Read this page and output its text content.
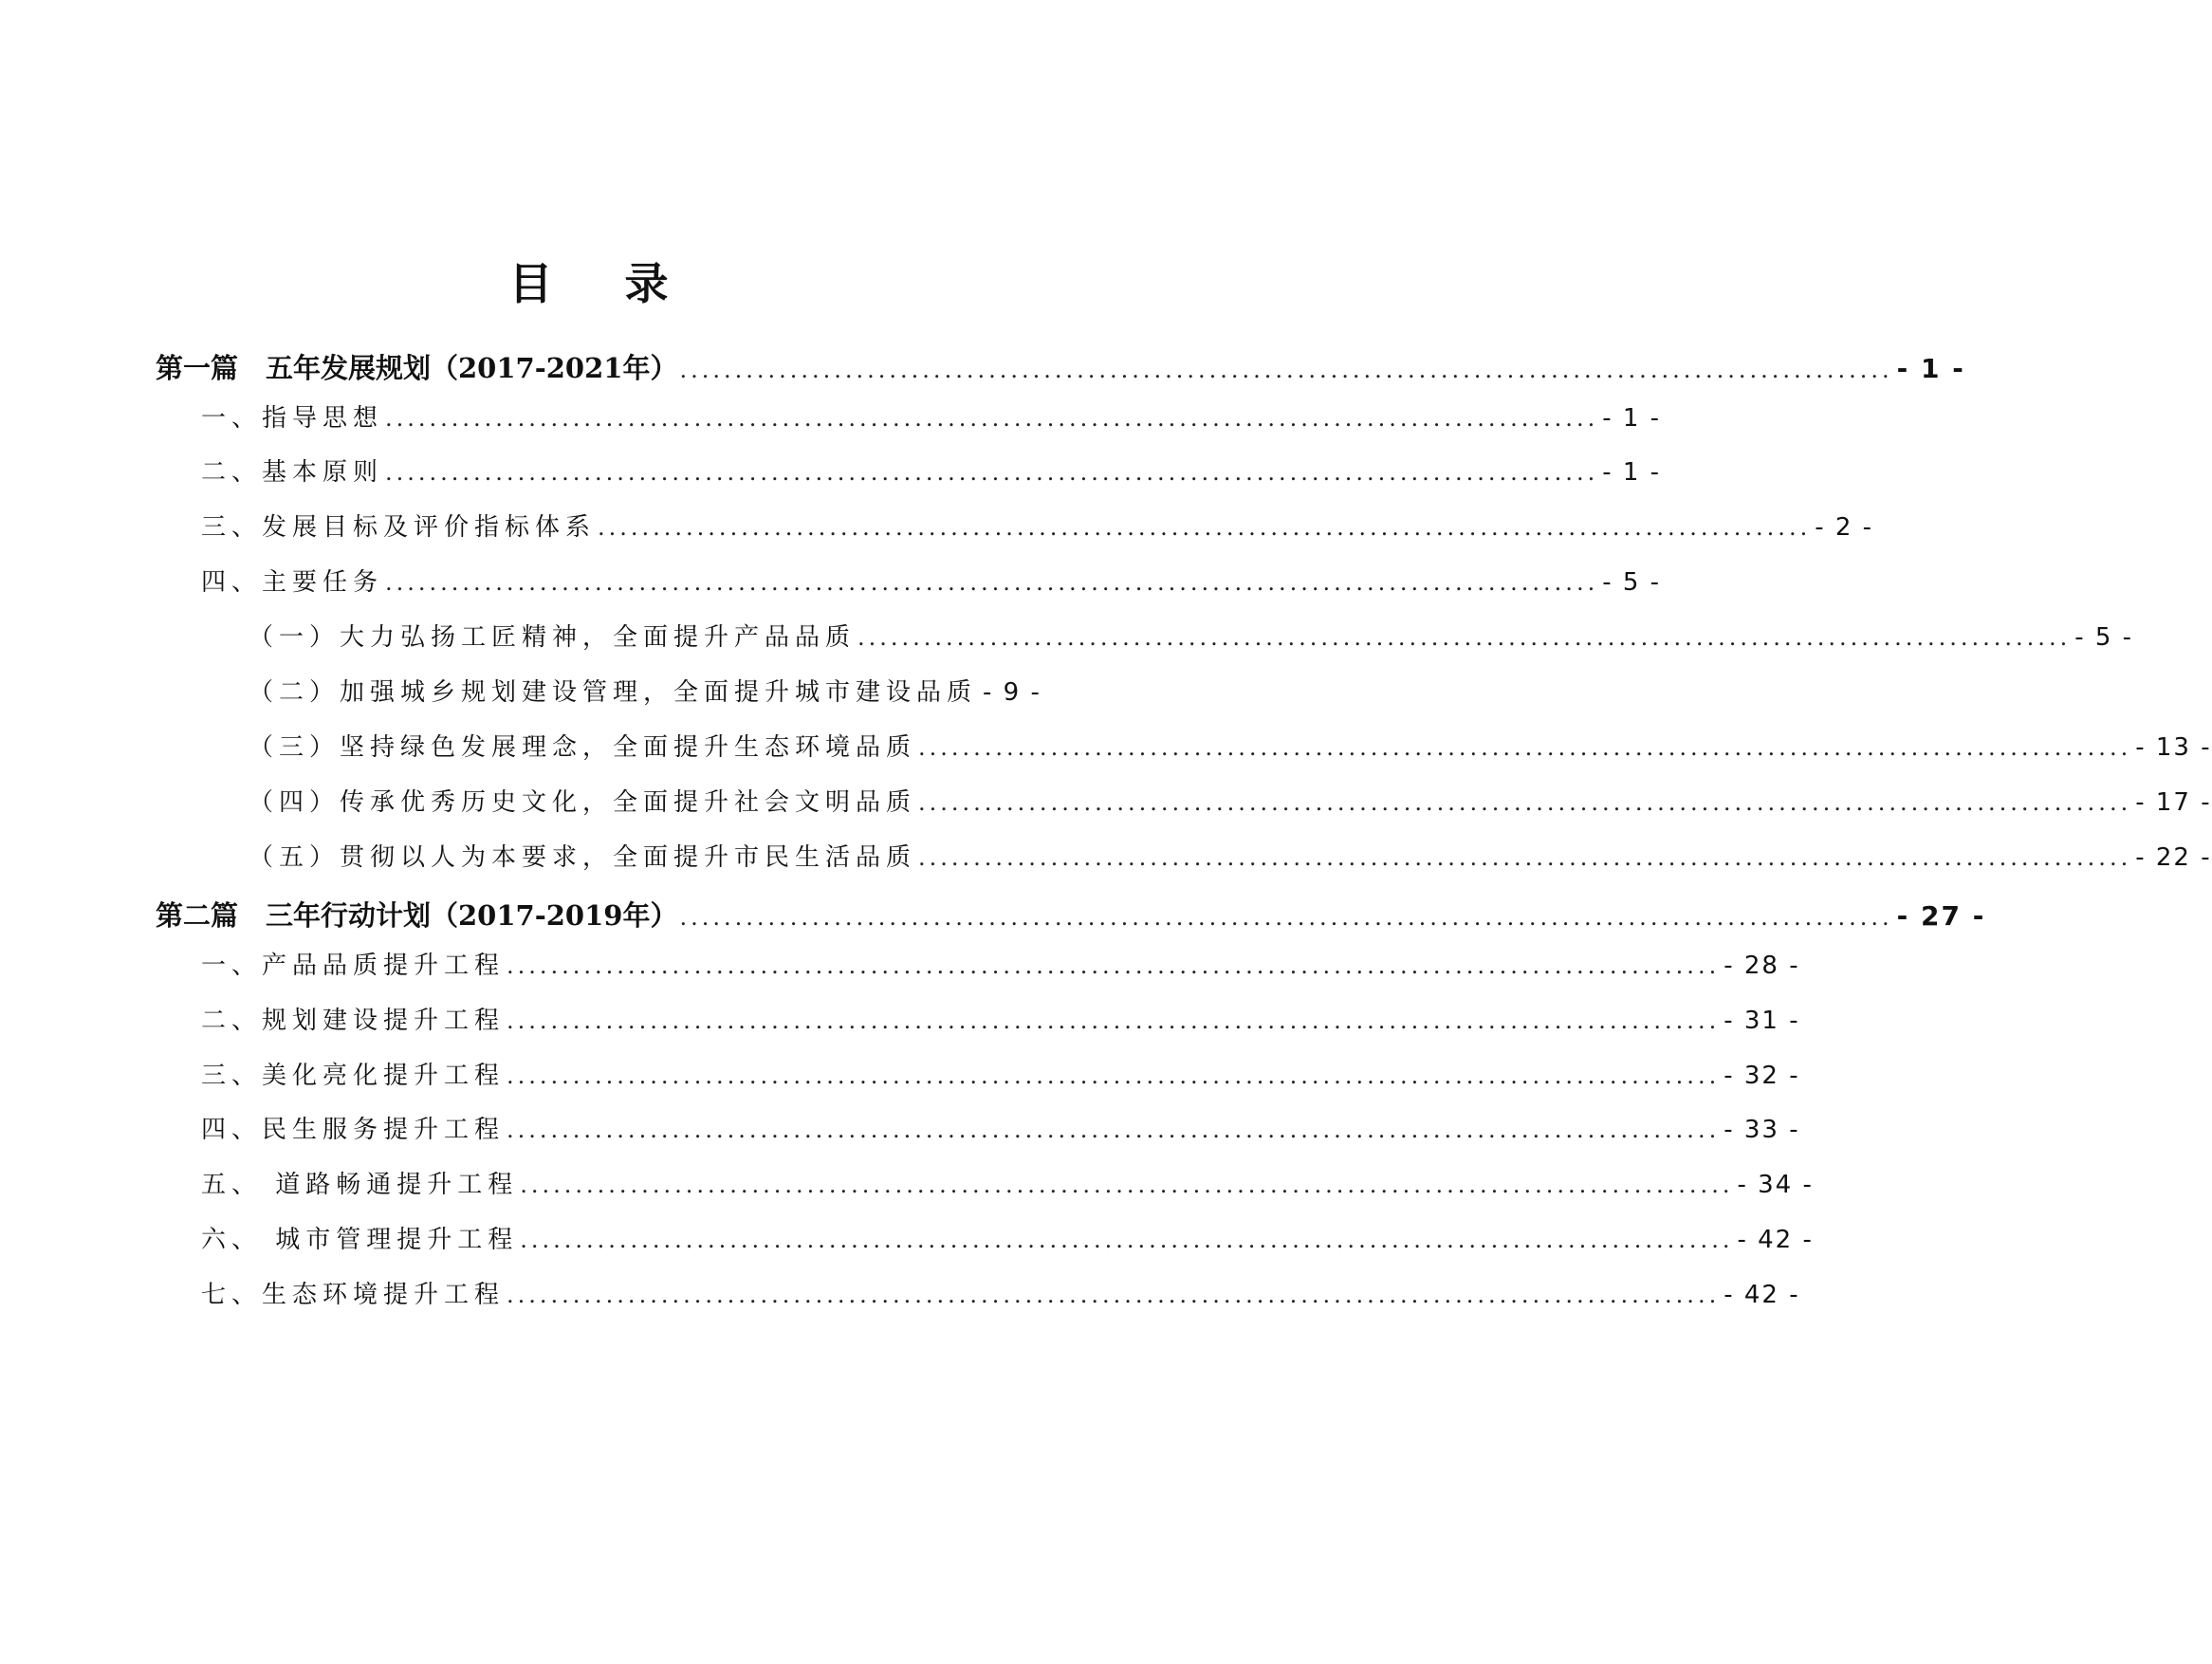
目 录
第一篇　五年发展规划（2017-2021年） .............................................................................................................. - 1 -
一、指导思想 .............................................................................................................. - 1 -
二、基本原则 .............................................................................................................. - 1 -
三、发展目标及评价指标体系 .............................................................................................................. - 2 -
四、主要任务 .............................................................................................................. - 5 -
（一）大力弘扬工匠精神，全面提升产品品质 .............................................................................................................. - 5 -
（二）加强城乡规划建设管理，全面提升城市建设品质 - 9 -
（三）坚持绿色发展理念，全面提升生态环境品质 .............................................................................................................. - 13 -
（四）传承优秀历史文化，全面提升社会文明品质 .............................................................................................................. - 17 -
（五）贯彻以人为本要求，全面提升市民生活品质 .............................................................................................................. - 22 -
第二篇　三年行动计划（2017-2019年） .............................................................................................................. - 27 -
一、产品品质提升工程 .............................................................................................................. - 28 -
二、规划建设提升工程 .............................................................................................................. - 31 -
三、美化亮化提升工程 .............................................................................................................. - 32 -
四、民生服务提升工程 .............................................................................................................. - 33 -
五、 道路畅通提升工程 .............................................................................................................. - 34 -
六、 城市管理提升工程 .............................................................................................................. - 42 -
七、生态环境提升工程 .............................................................................................................. - 42 -
